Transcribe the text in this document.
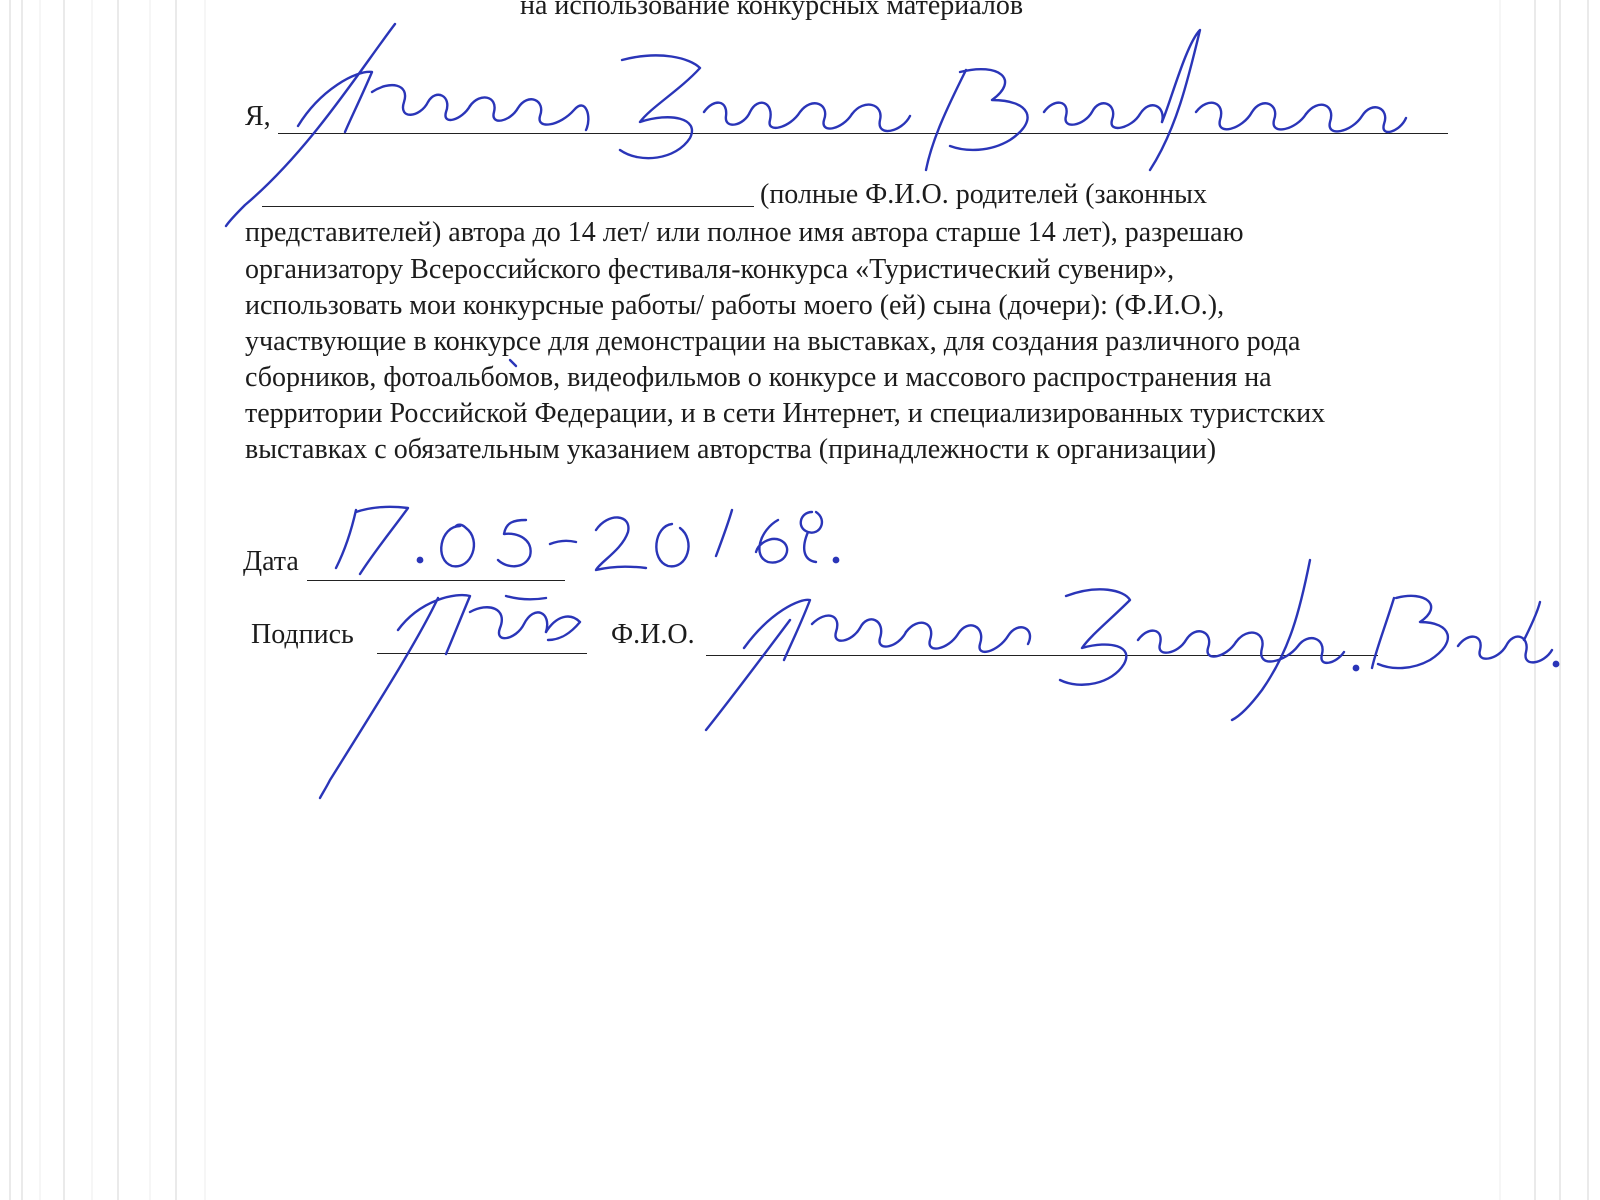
на использование конкурсных материалов
Я,
(полные Ф.И.О. родителей (законных
представителей) автора до 14 лет/ или полное имя автора старше 14 лет), разрешаю
организатору Всероссийского фестиваля-конкурса «Туристический сувенир»,
использовать мои конкурсные работы/ работы моего (ей) сына (дочери): (Ф.И.О.),
участвующие в конкурсе для демонстрации на выставках, для создания различного рода
сборников, фотоальбомов, видеофильмов о конкурсе и массового распространения на
территории Российской Федерации, и в сети Интернет, и специализированных туристских
выставках с обязательным указанием авторства (принадлежности к организации)
Дата
Подпись	Ф.И.О.
